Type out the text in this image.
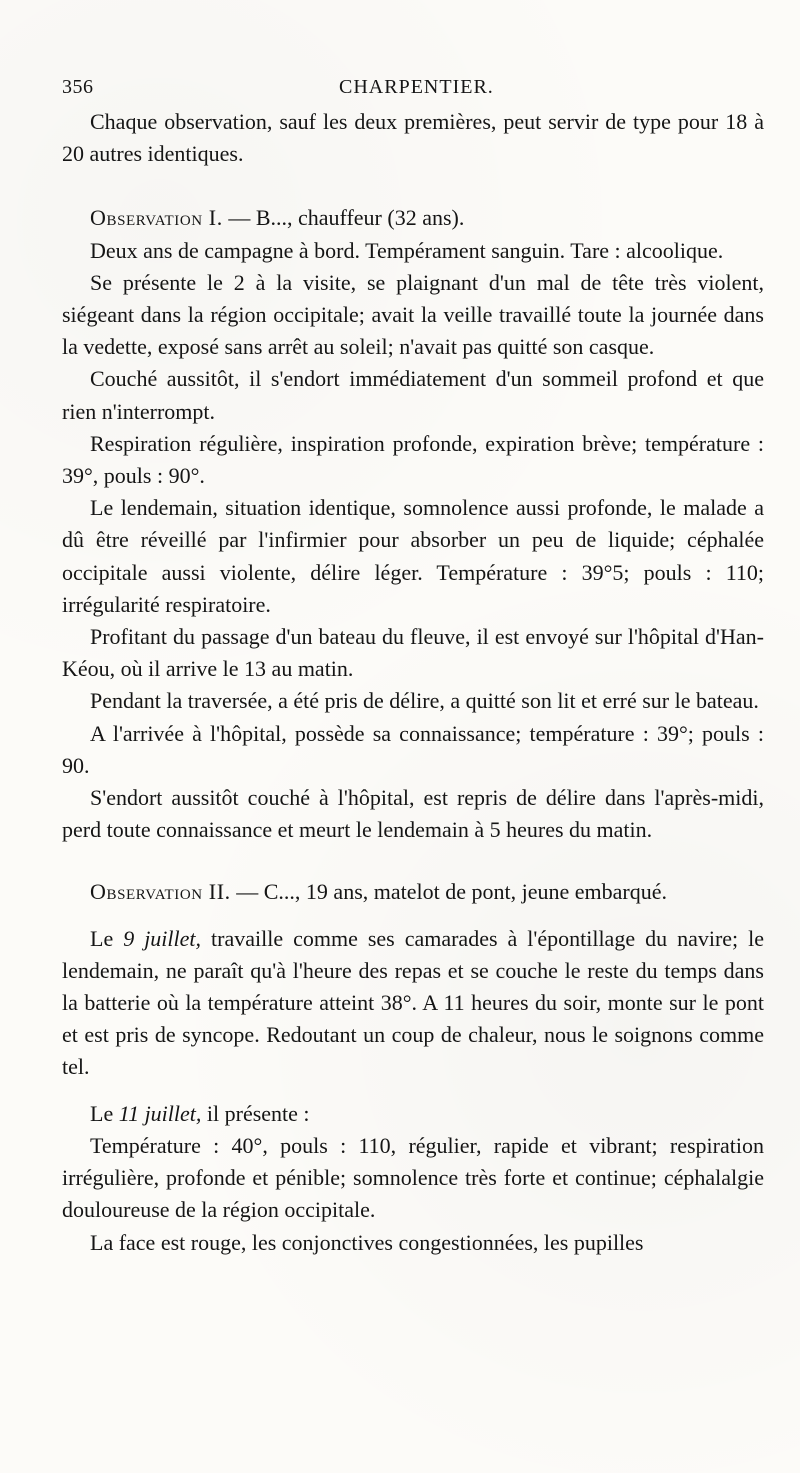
356	CHARPENTIER.

Chaque observation, sauf les deux premières, peut servir de type pour 18 à 20 autres identiques.

Observation I. — B..., chauffeur (32 ans).

Deux ans de campagne à bord. Tempérament sanguin. Tare : alcoolique.

Se présente le 2 à la visite, se plaignant d'un mal de tête très violent, siégeant dans la région occipitale; avait la veille travaillé toute la journée dans la vedette, exposé sans arrêt au soleil; n'avait pas quitté son casque.

Couché aussitôt, il s'endort immédiatement d'un sommeil profond et que rien n'interrompt.

Respiration régulière, inspiration profonde, expiration brève; température : 39°, pouls : 90°.

Le lendemain, situation identique, somnolence aussi profonde, le malade a dû être réveillé par l'infirmier pour absorber un peu de liquide; céphalée occipitale aussi violente, délire léger. Température : 39°5; pouls : 110; irrégularité respiratoire.

Profitant du passage d'un bateau du fleuve, il est envoyé sur l'hôpital d'Han-Kéou, où il arrive le 13 au matin.

Pendant la traversée, a été pris de délire, a quitté son lit et erré sur le bateau.

A l'arrivée à l'hôpital, possède sa connaissance; température : 39°; pouls : 90.

S'endort aussitôt couché à l'hôpital, est repris de délire dans l'après-midi, perd toute connaissance et meurt le lendemain à 5 heures du matin.

Observation II. — C..., 19 ans, matelot de pont, jeune embarqué.

Le 9 juillet, travaille comme ses camarades à l'épontillage du navire; le lendemain, ne paraît qu'à l'heure des repas et se couche le reste du temps dans la batterie où la température atteint 38°. A 11 heures du soir, monte sur le pont et est pris de syncope. Redoutant un coup de chaleur, nous le soignons comme tel.

Le 11 juillet, il présente :

Température : 40°, pouls : 110, régulier, rapide et vibrant; respiration irrégulière, profonde et pénible; somnolence très forte et continue; céphalalgie douloureuse de la région occipitale.

La face est rouge, les conjonctives congestionnées, les pupilles
